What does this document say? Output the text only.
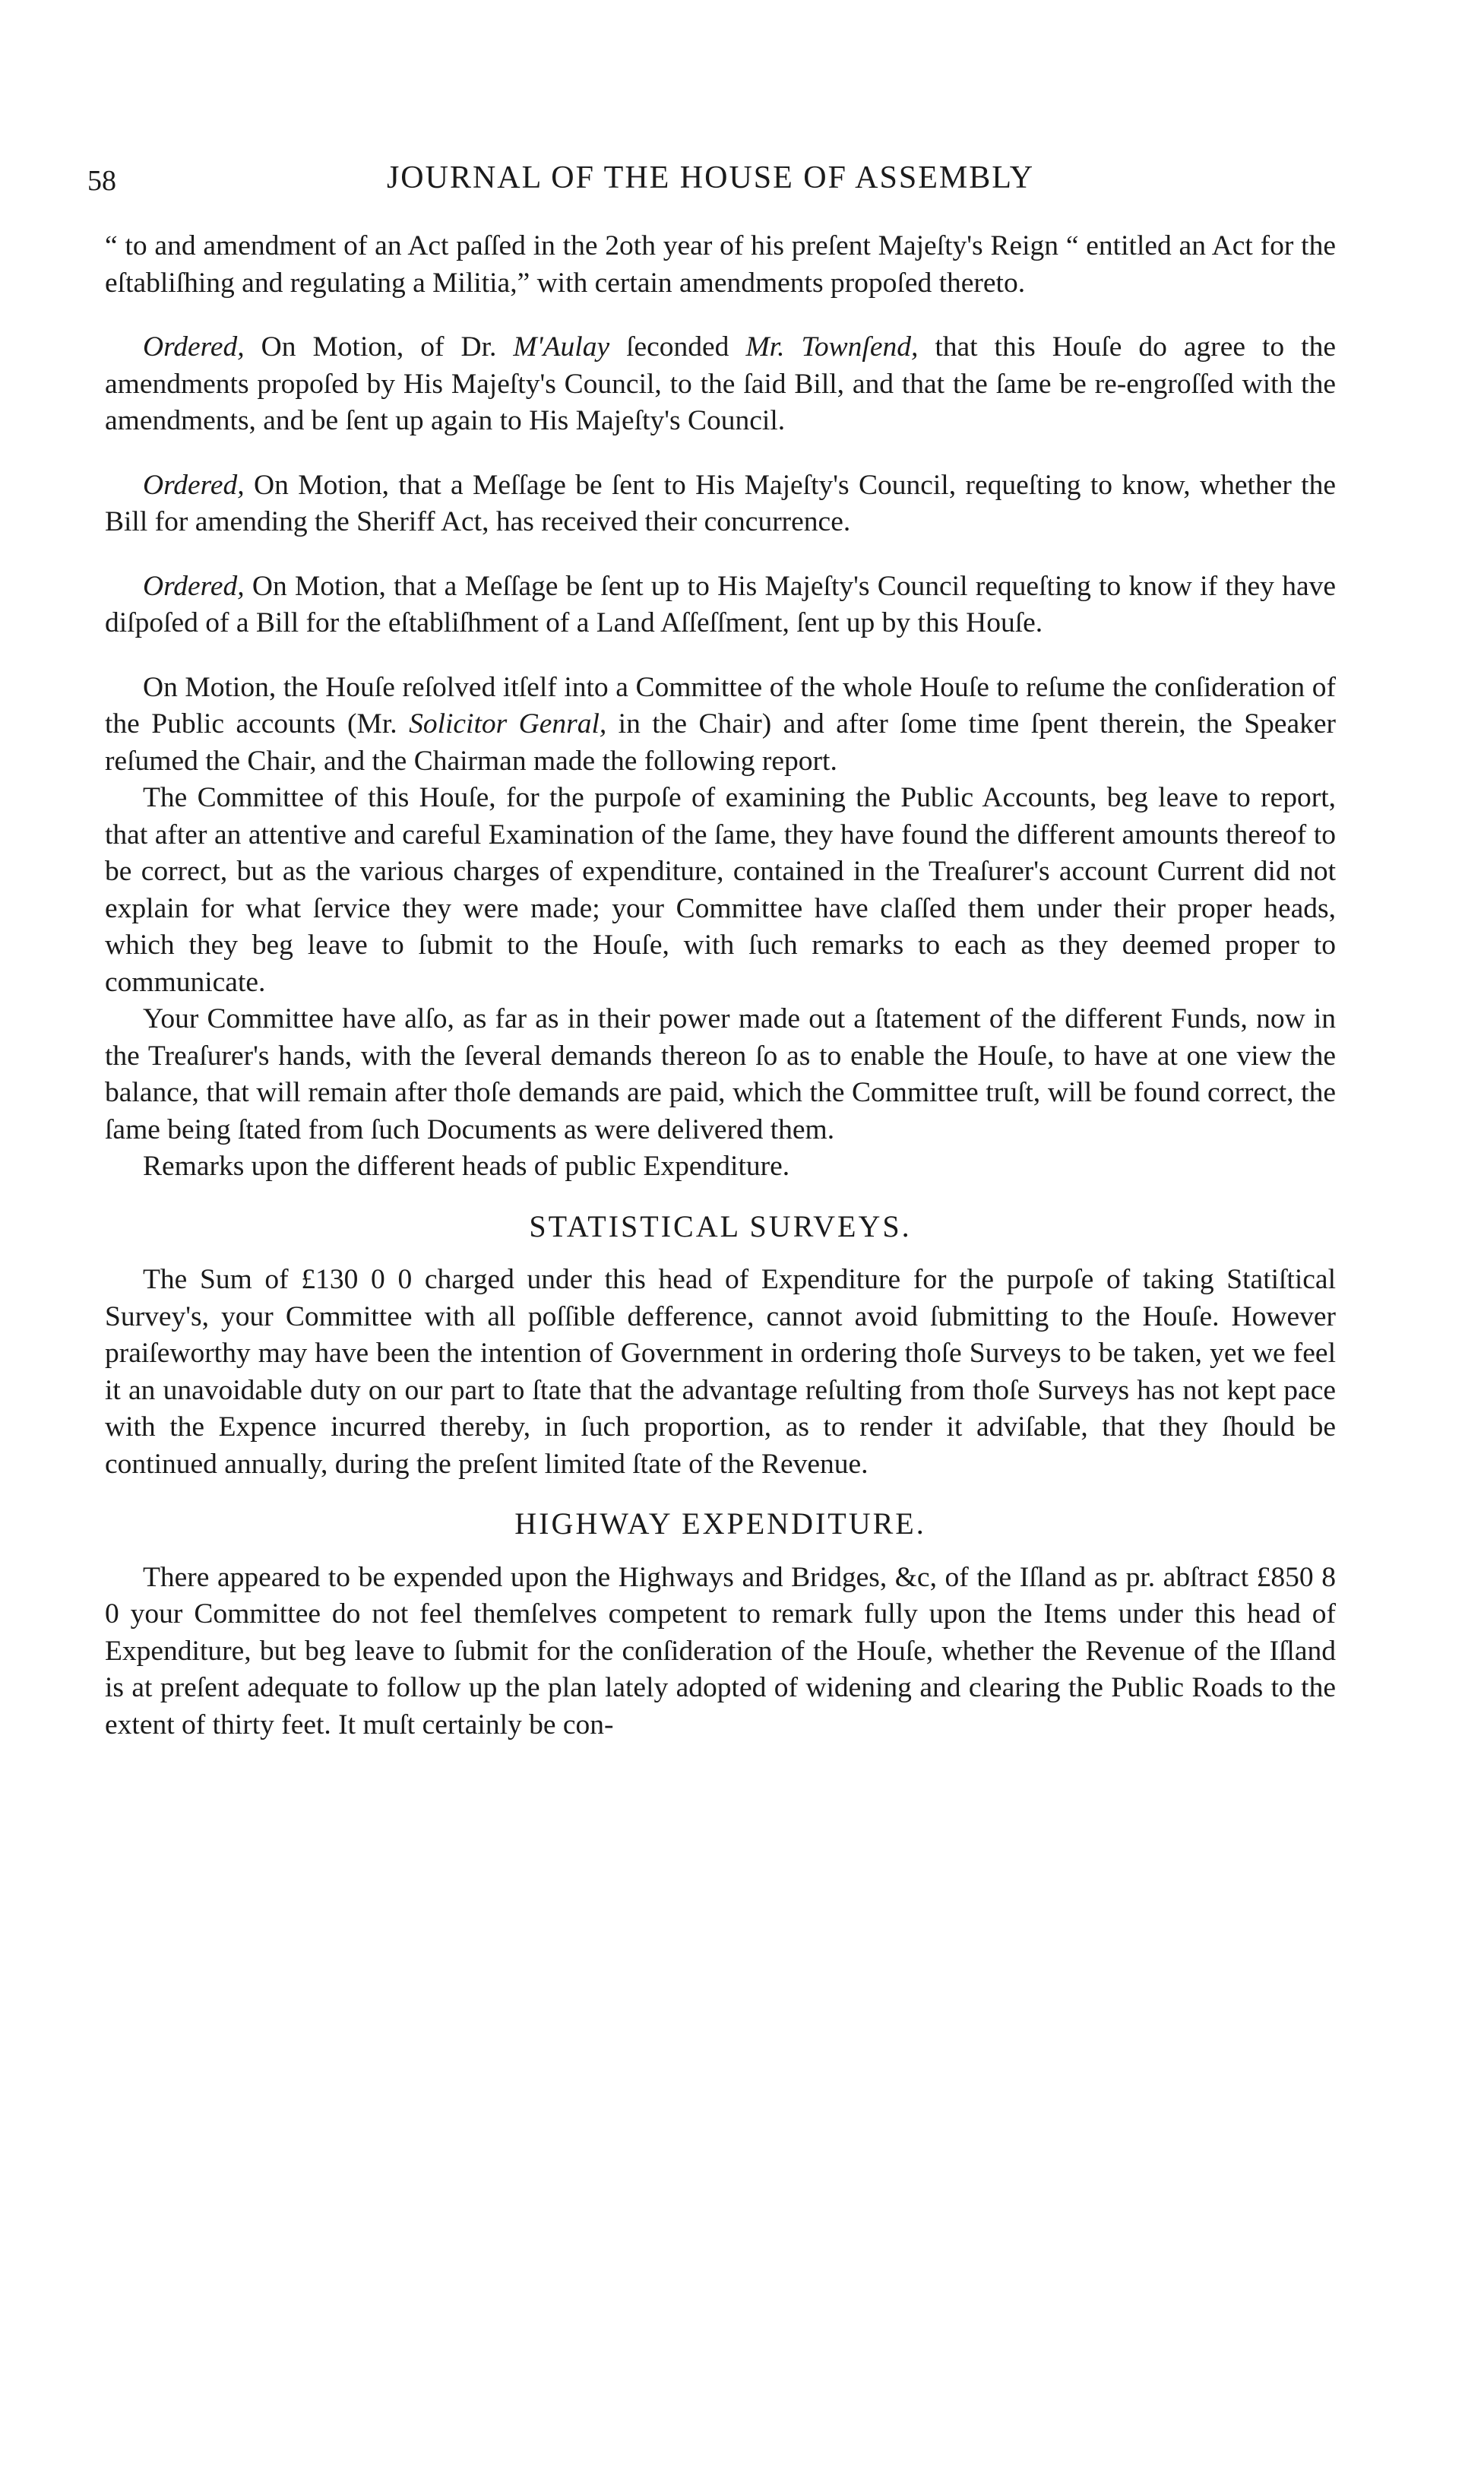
58	JOURNAL OF THE HOUSE OF ASSEMBLY

“ to and amendment of an Act paſſed in the 2oth year of his preſent Majeſty's Reign “ entitled an Act for the eſtabliſhing and regulating a Militia,” with certain amendments propoſed thereto.

Ordered, On Motion, of Dr. M'Aulay ſeconded Mr. Townſend, that this Houſe do agree to the amendments propoſed by His Majeſty's Council, to the ſaid Bill, and that the ſame be re-engroſſed with the amendments, and be ſent up again to His Majeſty's Council.

Ordered, On Motion, that a Meſſage be ſent to His Majeſty's Council, requeſting to know, whether the Bill for amending the Sheriff Act, has received their concurrence.

Ordered, On Motion, that a Meſſage be ſent up to His Majeſty's Council requeſting to know if they have diſpoſed of a Bill for the eſtabliſhment of a Land Aſſeſſment, ſent up by this Houſe.

On Motion, the Houſe reſolved itſelf into a Committee of the whole Houſe to reſume the conſideration of the Public accounts (Mr. Solicitor Genral, in the Chair) and after ſome time ſpent therein, the Speaker reſumed the Chair, and the Chairman made the following report.

The Committee of this Houſe, for the purpoſe of examining the Public Accounts, beg leave to report, that after an attentive and careful Examination of the ſame, they have found the different amounts thereof to be correct, but as the various charges of expenditure, contained in the Treaſurer's account Current did not explain for what ſervice they were made; your Committee have claſſed them under their proper heads, which they beg leave to ſubmit to the Houſe, with ſuch remarks to each as they deemed proper to communicate.

Your Committee have alſo, as far as in their power made out a ſtatement of the different Funds, now in the Treaſurer's hands, with the ſeveral demands thereon ſo as to enable the Houſe, to have at one view the balance, that will remain after thoſe demands are paid, which the Committee truſt, will be found correct, the ſame being ſtated from ſuch Documents as were delivered them.

Remarks upon the different heads of public Expenditure.

STATISTICAL SURVEYS.

The Sum of £130 0 0 charged under this head of Expenditure for the purpoſe of taking Statiſtical Survey's, your Committee with all poſſible defference, cannot avoid ſubmitting to the Houſe. However praiſeworthy may have been the intention of Government in ordering thoſe Surveys to be taken, yet we feel it an unavoidable duty on our part to ſtate that the advantage reſulting from thoſe Surveys has not kept pace with the Expence incurred thereby, in ſuch proportion, as to render it adviſable, that they ſhould be continued annually, during the preſent limited ſtate of the Revenue.

HIGHWAY EXPENDITURE.

There appeared to be expended upon the Highways and Bridges, &c, of the Iſland as pr. abſtract £850 8 0 your Committee do not feel themſelves competent to remark fully upon the Items under this head of Expenditure, but beg leave to ſubmit for the conſideration of the Houſe, whether the Revenue of the Iſland is at preſent adequate to follow up the plan lately adopted of widening and clearing the Public Roads to the extent of thirty feet. It muſt certainly be con-
